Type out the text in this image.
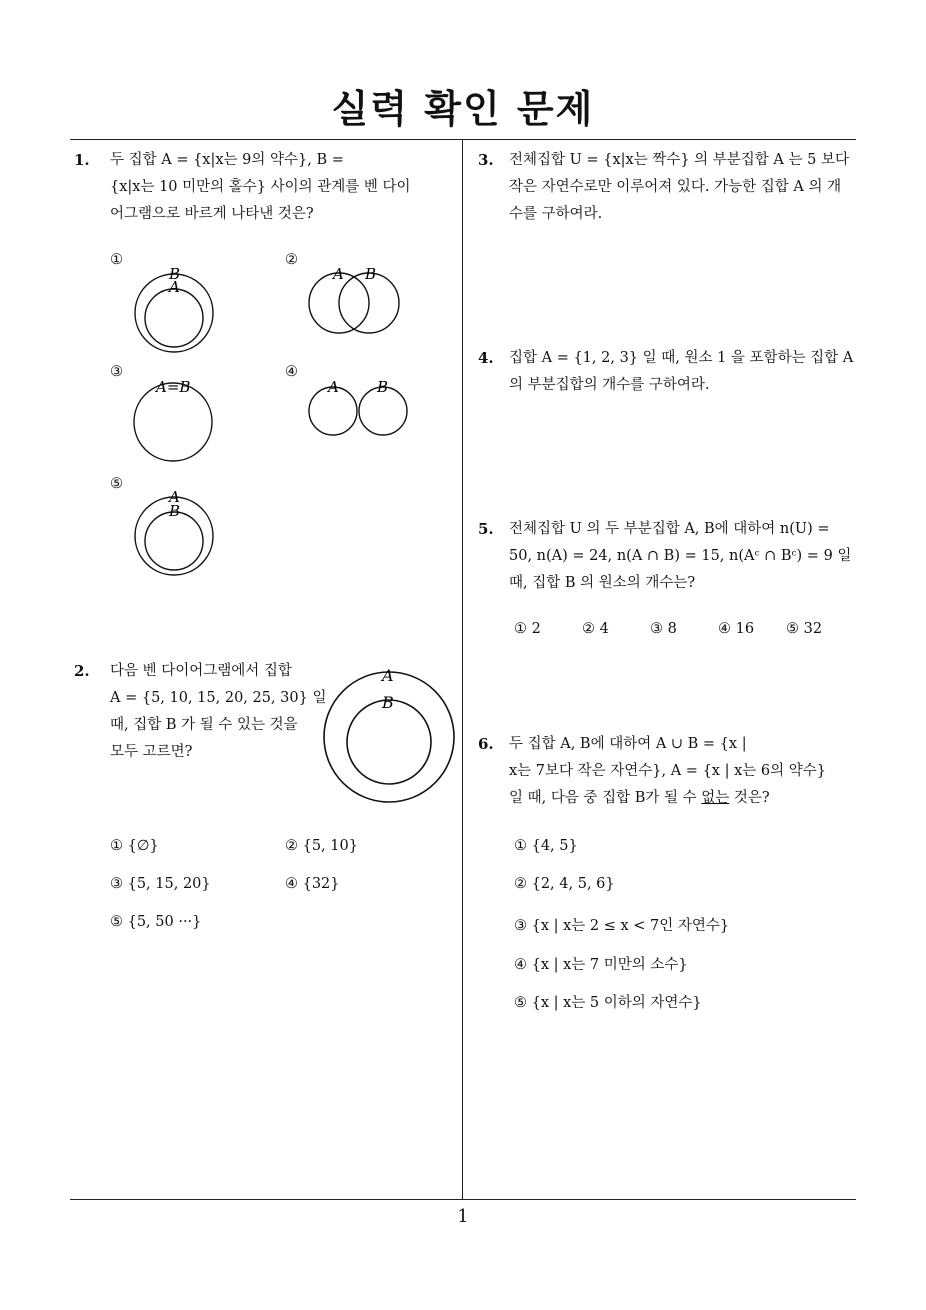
실력 확인 문제
1. 두 집합 A = {x|x는 9의 약수}, B =
{x|x는 10 미만의 홀수} 사이의 관계를 벤 다이
어그램으로 바르게 나타낸 것은?
①	②
③	④
⑤
B
A
A B
A=B	A	B
A
B
A
B
2. 다음 벤 다이어그램에서 집합
A = {5, 10, 15, 20, 25, 30} 일
때, 집합 B 가 될 수 있는 것을
모두 고르면?
① {∅}	② {5, 10}
③ {5, 15, 20}	④ {32}
⑤ {5, 50 ···}
3. 전체집합 U = {x|x는 짝수} 의 부분집합 A 는 5 보다
작은 자연수로만 이루어져 있다. 가능한 집합 A 의 개
수를 구하여라.
4. 집합 A = {1, 2, 3} 일 때, 원소 1 을 포함하는 집합 A
의 부분집합의 개수를 구하여라.
5. 전체집합 U 의 두 부분집합 A, B에 대하여 n(U) =
50, n(A) = 24, n(A ∩ B) = 15, n(Aᶜ ∩ Bᶜ) = 9 일
때, 집합 B 의 원소의 개수는?
① 2	② 4	③ 8	④ 16 ⑤ 32
6. 두 집합 A, B에 대하여 A ∪ B = {x |
x는 7보다 작은 자연수}, A = {x | x는 6의 약수}
일 때, 다음 중 집합 B가 될 수 없는 것은?
① {4, 5}
② {2, 4, 5, 6}
③ {x | x는 2 ≤ x < 7인 자연수}
④ {x | x는 7 미만의 소수}
⑤ {x | x는 5 이하의 자연수}
1
